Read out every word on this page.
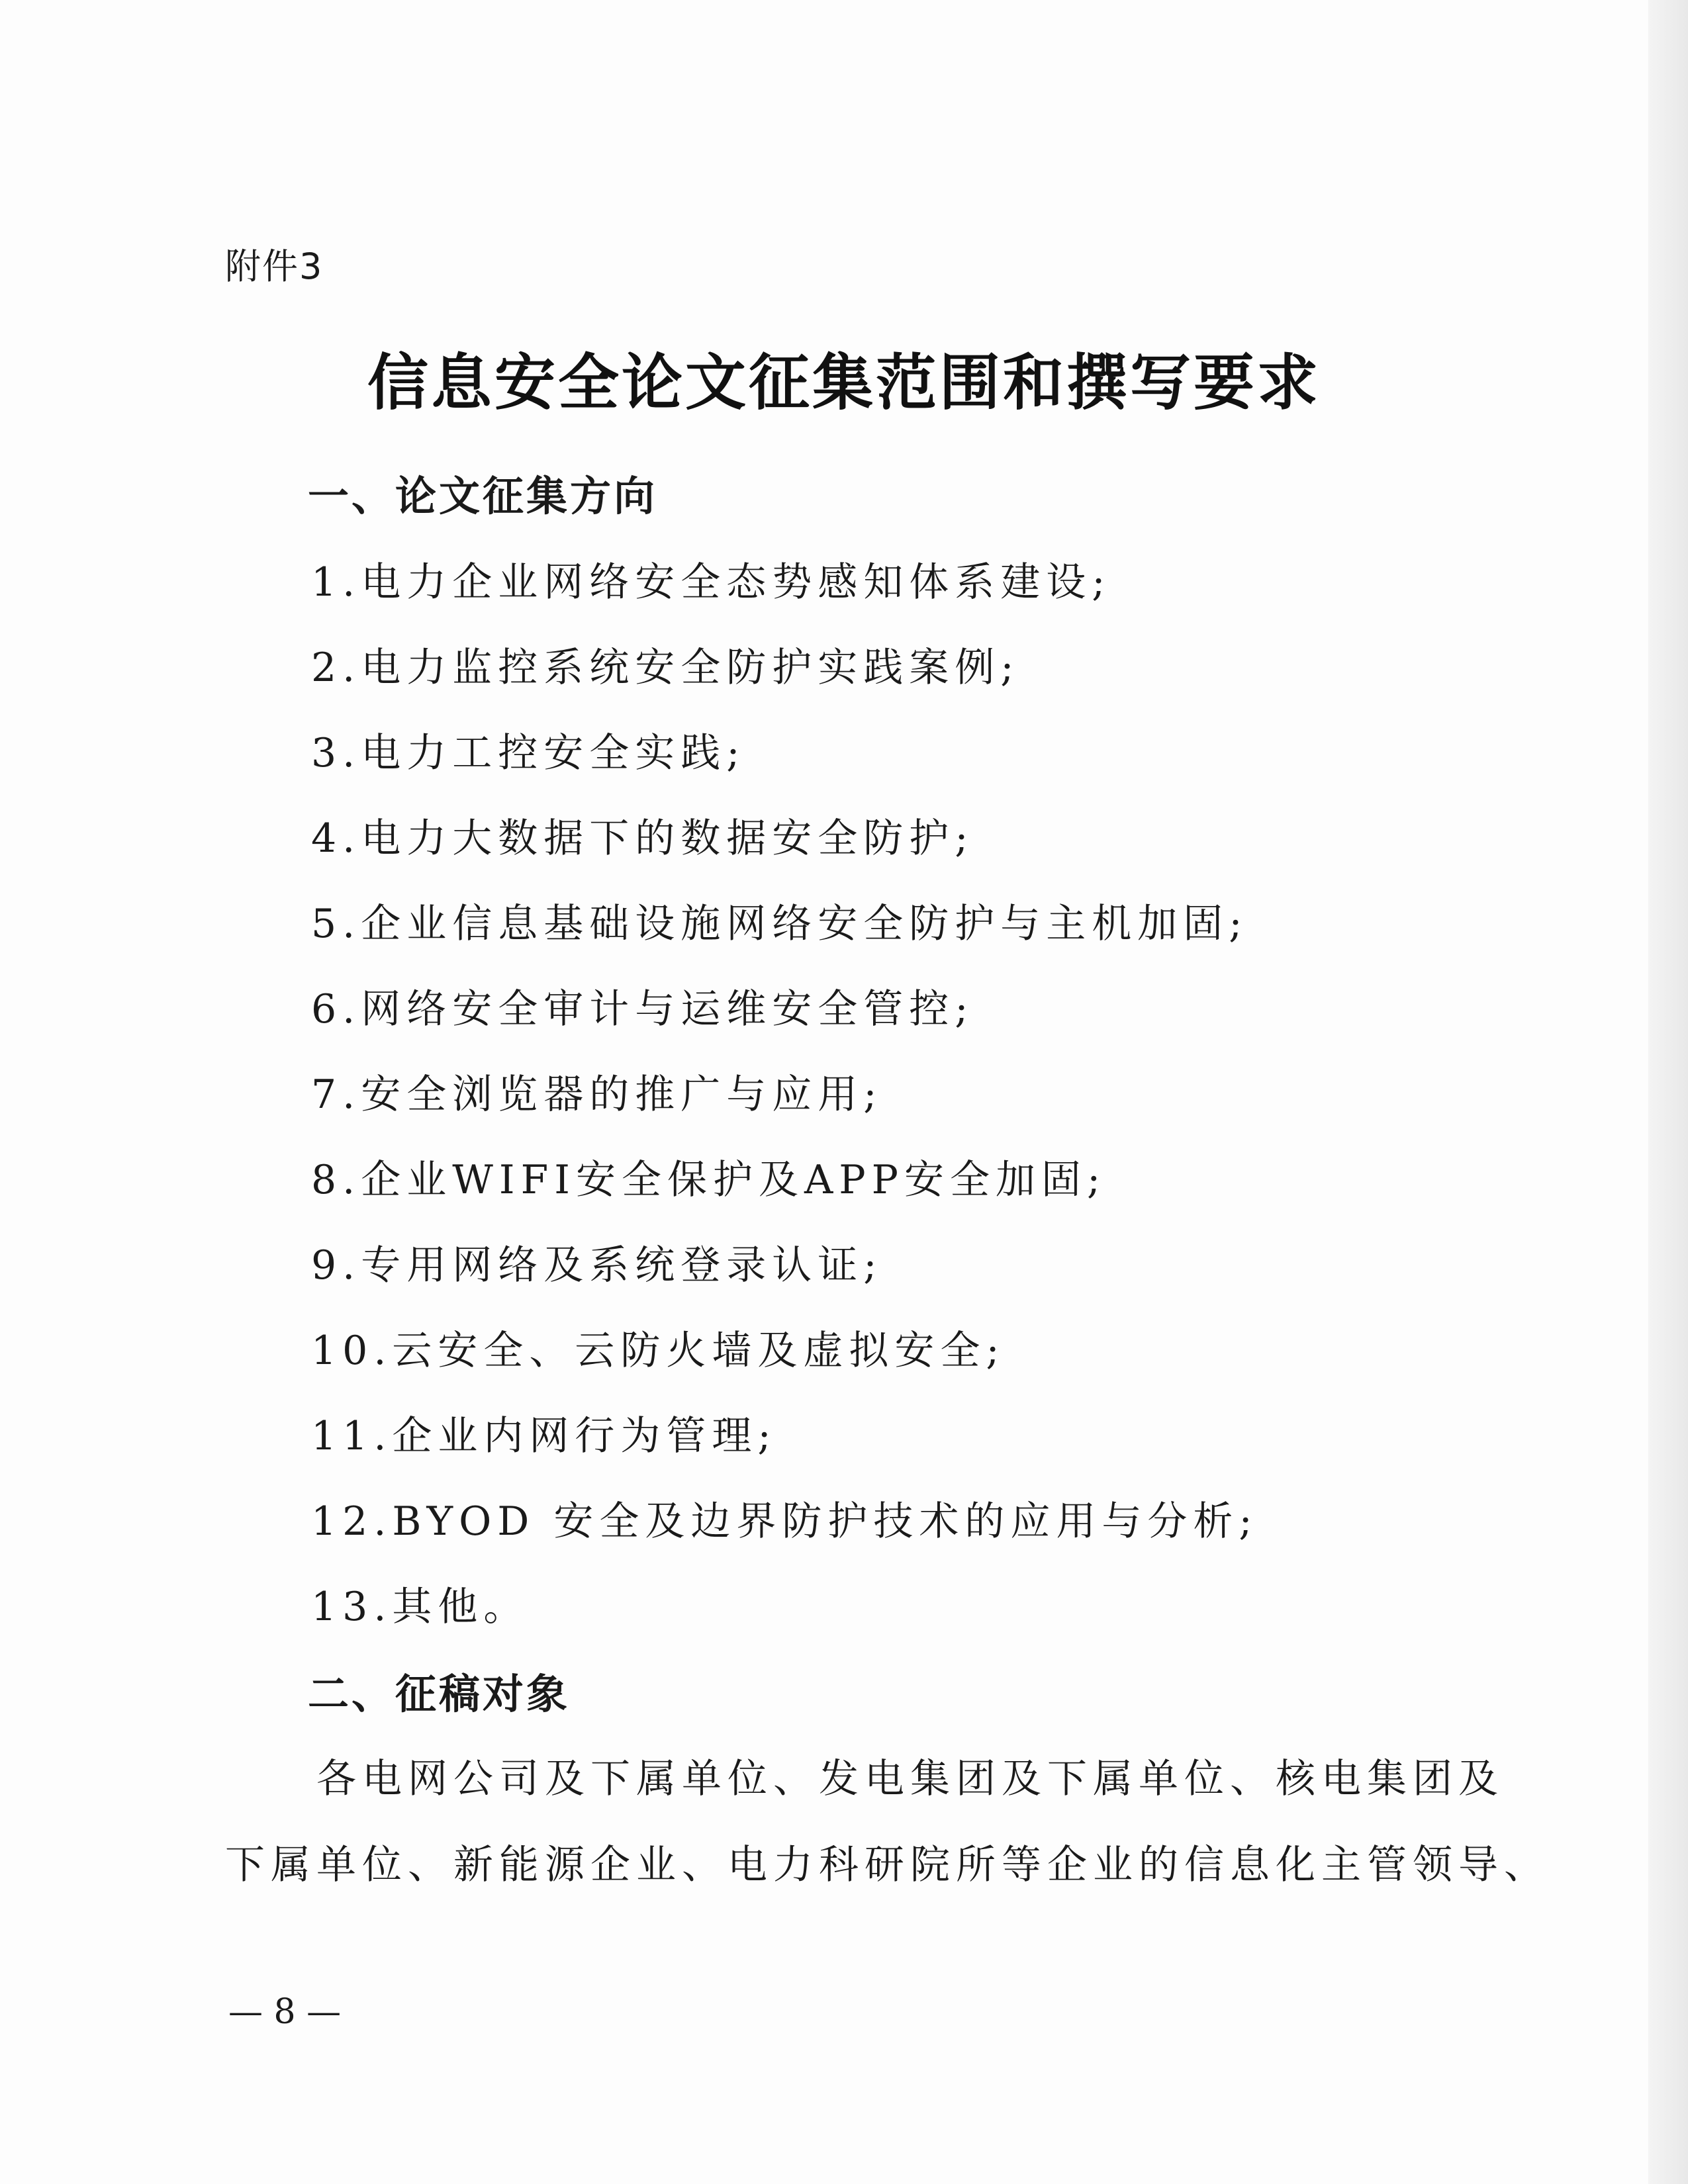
附件3
信息安全论文征集范围和撰写要求
一、论文征集方向
1.电力企业网络安全态势感知体系建设;
2.电力监控系统安全防护实践案例;
3.电力工控安全实践;
4.电力大数据下的数据安全防护;
5.企业信息基础设施网络安全防护与主机加固;
6.网络安全审计与运维安全管控;
7.安全浏览器的推广与应用;
8.企业WIFI安全保护及APP安全加固;
9.专用网络及系统登录认证;
10.云安全、云防火墙及虚拟安全;
11.企业内网行为管理;
12.BYOD 安全及边界防护技术的应用与分析;
13.其他。
二、征稿对象
　　各电网公司及下属单位、发电集团及下属单位、核电集团及
下属单位、新能源企业、电力科研院所等企业的信息化主管领导、
— 8 —
